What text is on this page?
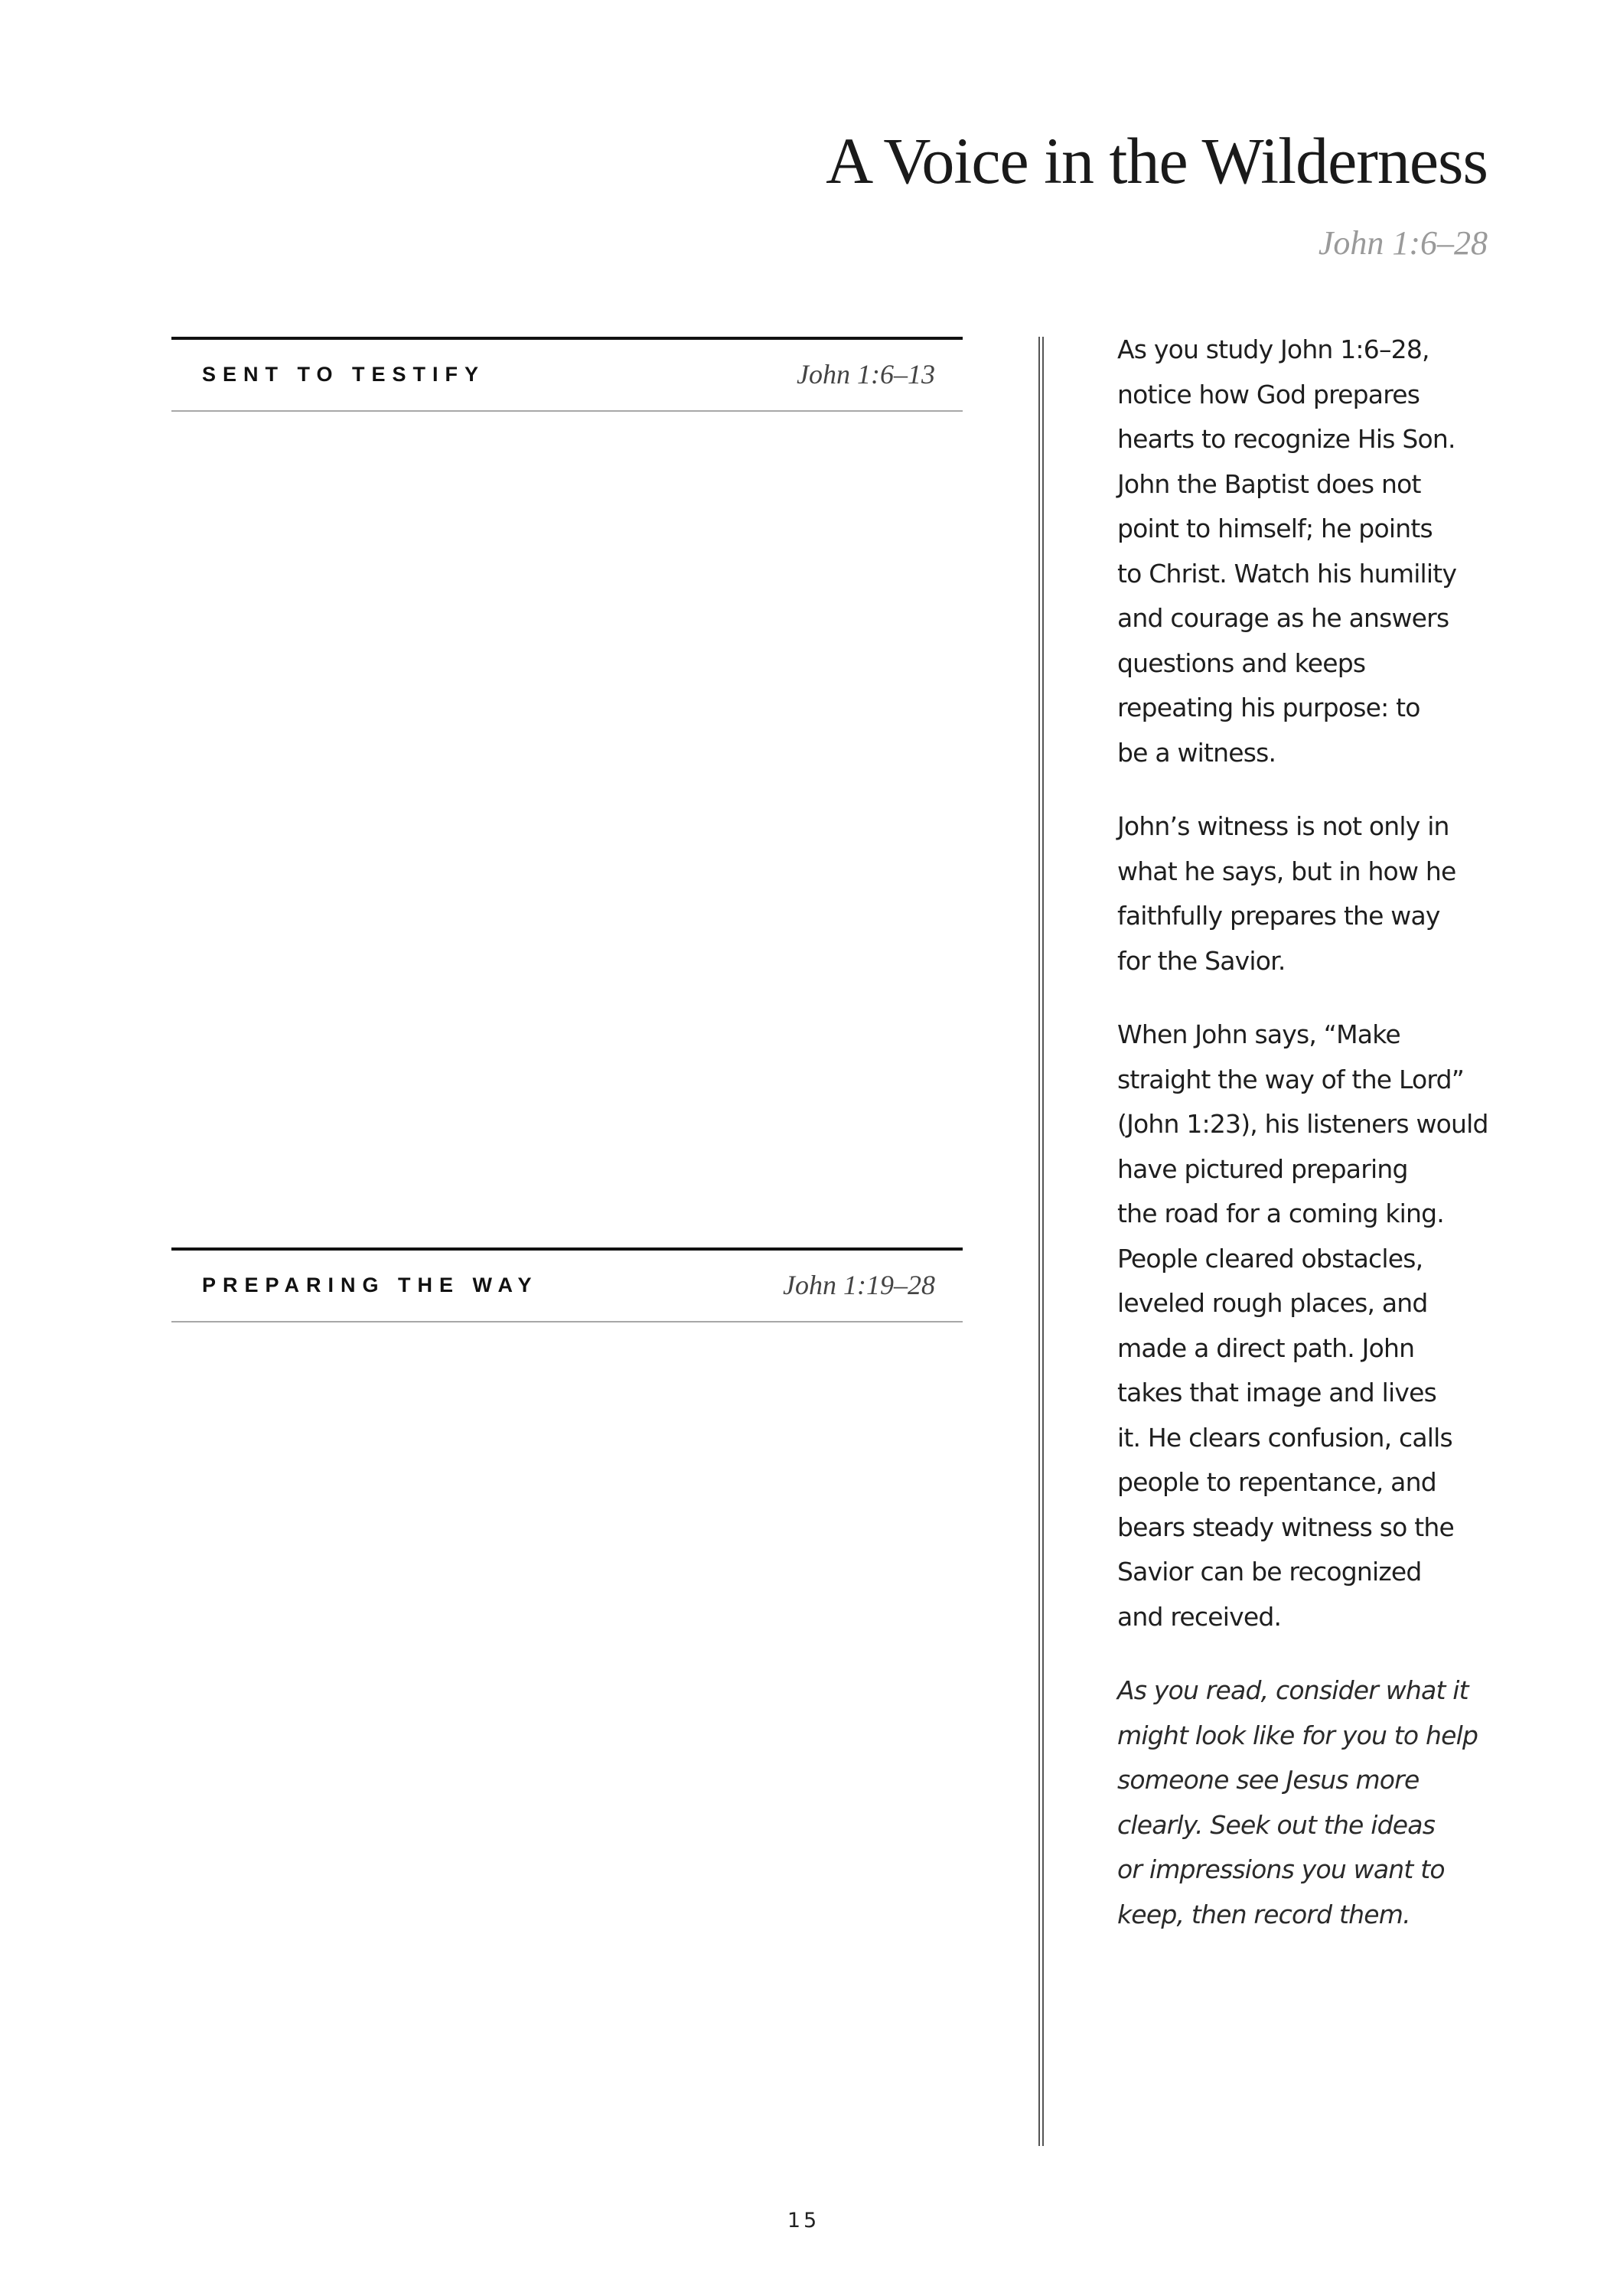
A Voice in the Wilderness
John 1:6–28
SENT TO TESTIFY	John 1:6–13
PREPARING THE WAY	John 1:19–28

As you study John 1:6–28,
notice how God prepares
hearts to recognize His Son.
John the Baptist does not
point to himself; he points
to Christ. Watch his humility
and courage as he answers
questions and keeps
repeating his purpose: to
be a witness.

John’s witness is not only in
what he says, but in how he
faithfully prepares the way
for the Savior.

When John says, “Make
straight the way of the Lord”
(John 1:23), his listeners would
have pictured preparing
the road for a coming king.
People cleared obstacles,
leveled rough places, and
made a direct path. John
takes that image and lives
it. He clears confusion, calls
people to repentance, and
bears steady witness so the
Savior can be recognized
and received.

As you read, consider what it
might look like for you to help
someone see Jesus more
clearly. Seek out the ideas
or impressions you want to
keep, then record them.

15
